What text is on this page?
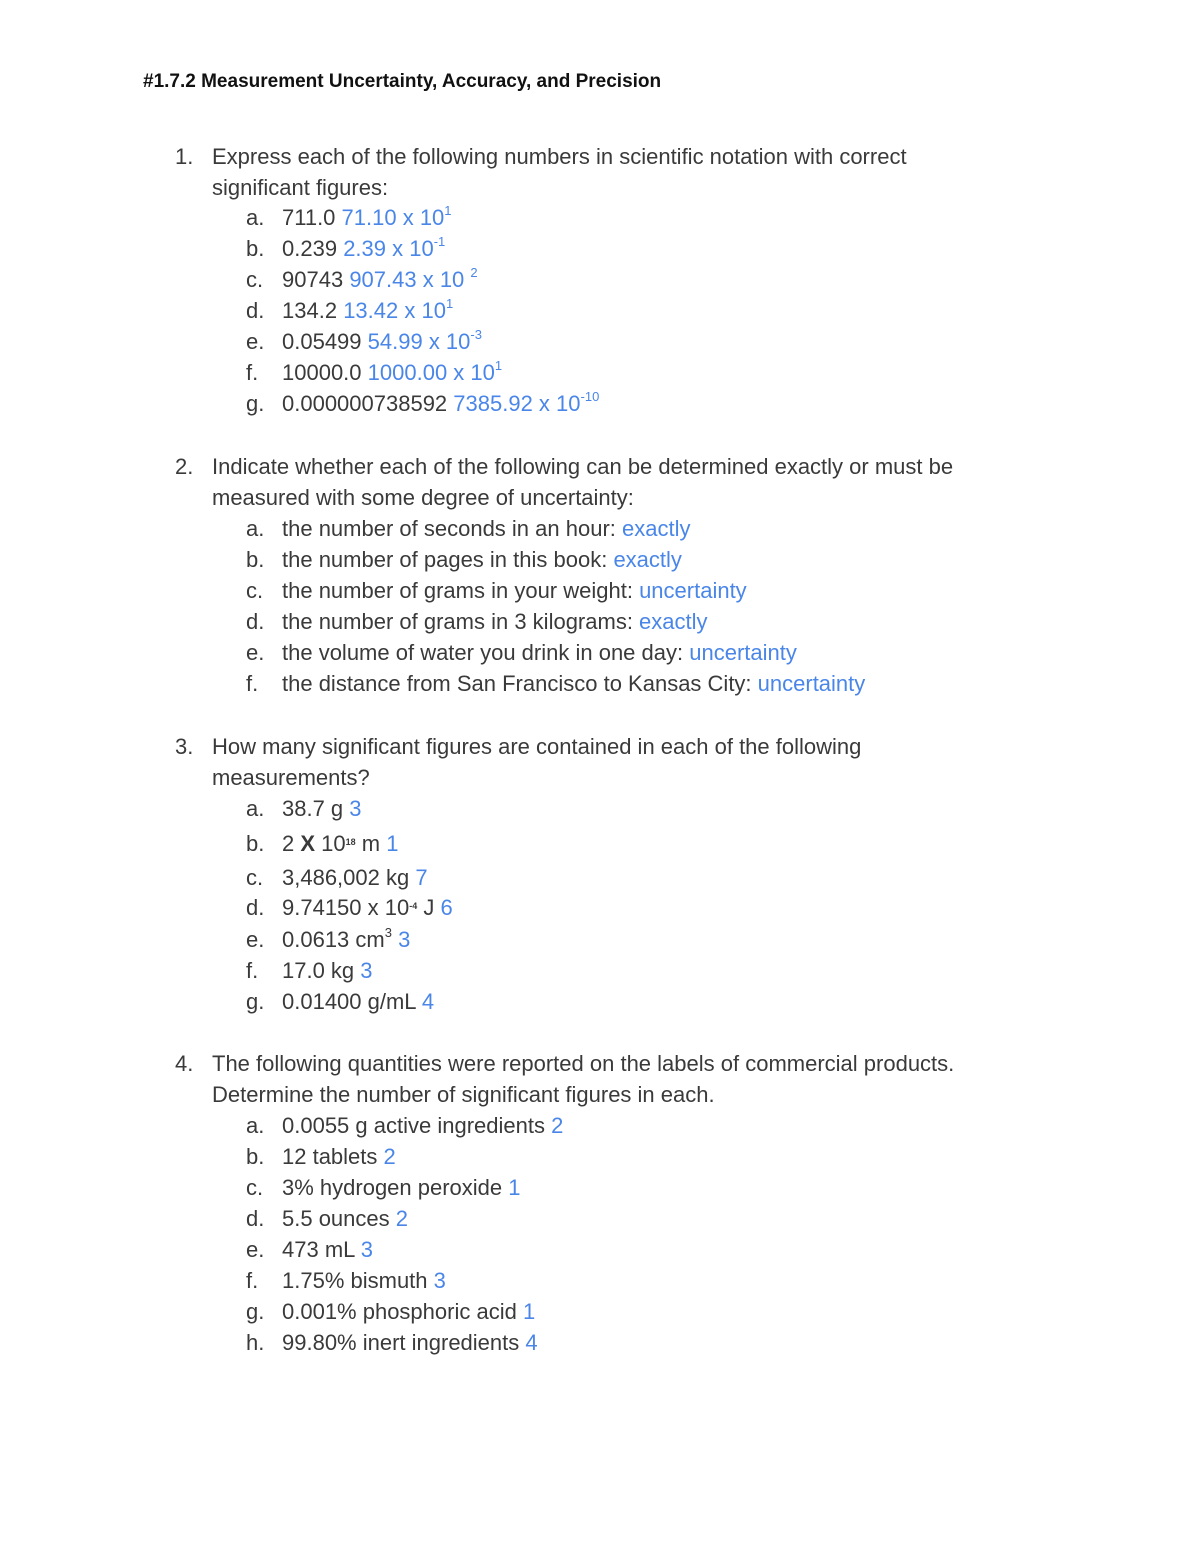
#1.7.2 Measurement Uncertainty, Accuracy, and Precision
1. Express each of the following numbers in scientific notation with correct
significant figures:
a. 711.0 71.10 x $10^1$
b. 0.239 2.39 x $10^{-1}$
c. 90743 907.43 x 10 $^2$
d. 134.2 13.42 x $10^1$
e. 0.05499 54.99 x $10^{-3}$
f. 10000.0 1000.00 x $10^1$
g. 0.000000738592 7385.92 x $10^{-10}$
2. Indicate whether each of the following can be determined exactly or must be
measured with some degree of uncertainty:
a. the number of seconds in an hour: exactly
b. the number of pages in this book: exactly
c. the number of grams in your weight: uncertainty
d. the number of grams in 3 kilograms: exactly
e. the volume of water you drink in one day: uncertainty
f. the distance from San Francisco to Kansas City: uncertainty
3. How many significant figures are contained in each of the following
measurements?
a. 38.7 g 3
b. 2 X $10^{18}$ m 1
c. 3,486,002 kg 7
d. 9.74150 x $10^{-4}$ J 6
e. 0.0613 $cm^3$ 3
f. 17.0 kg 3
g. 0.01400 g/mL 4
4. The following quantities were reported on the labels of commercial products.
Determine the number of significant figures in each.
a. 0.0055 g active ingredients 2
b. 12 tablets 2
c. 3% hydrogen peroxide 1
d. 5.5 ounces 2
e. 473 mL 3
f. 1.75% bismuth 3
g. 0.001% phosphoric acid 1
h. 99.80% inert ingredients 4
